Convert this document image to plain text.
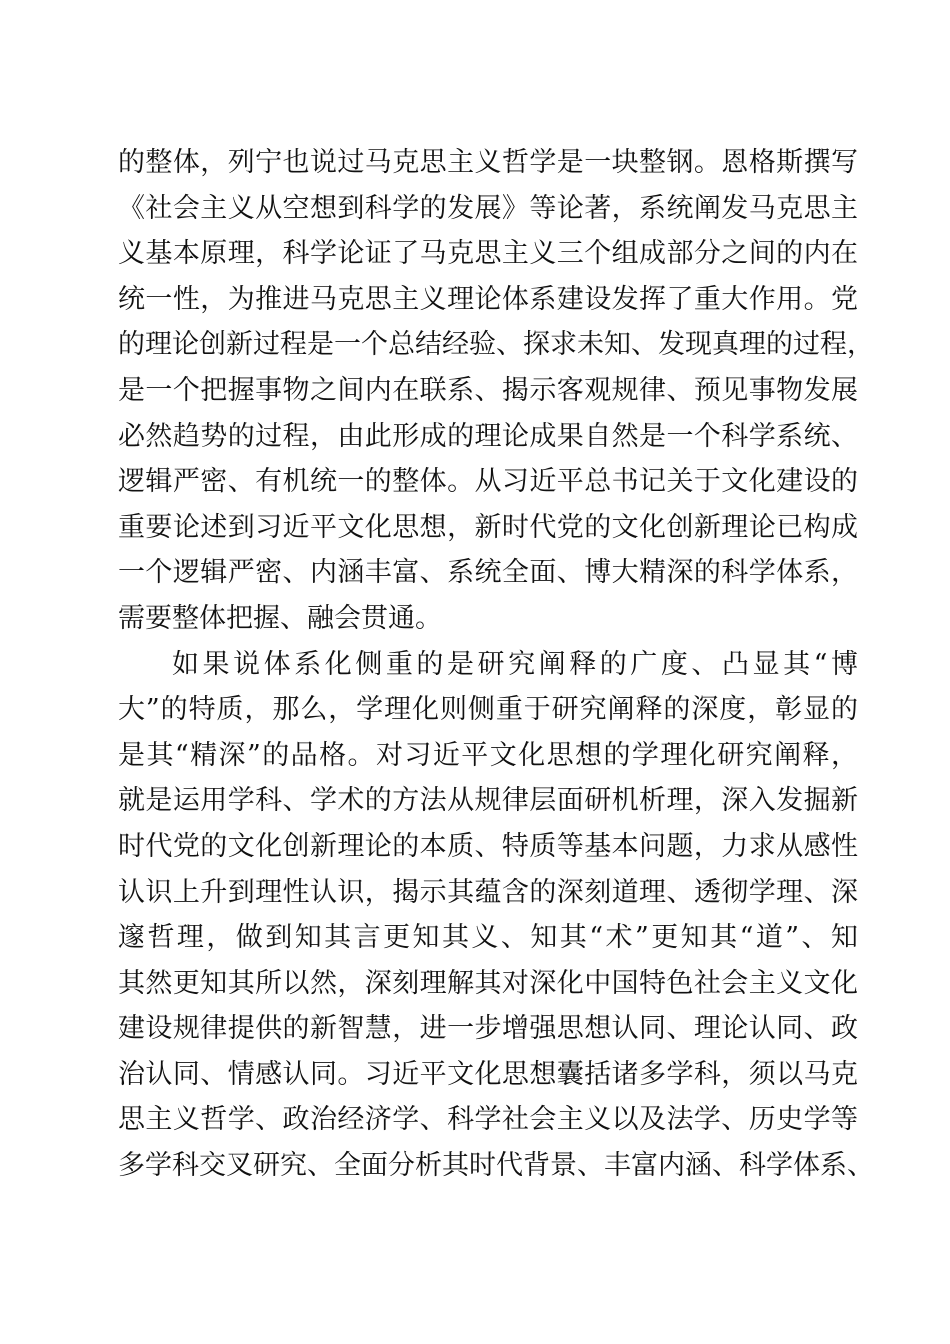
的整体，列宁也说过马克思主义哲学是一块整钢。恩格斯撰写
《社会主义从空想到科学的发展》等论著，系统阐发马克思主
义基本原理，科学论证了马克思主义三个组成部分之间的内在
统一性，为推进马克思主义理论体系建设发挥了重大作用。党
的理论创新过程是一个总结经验、探求未知、发现真理的过程，
是一个把握事物之间内在联系、揭示客观规律、预见事物发展
必然趋势的过程，由此形成的理论成果自然是一个科学系统、
逻辑严密、有机统一的整体。从习近平总书记关于文化建设的
重要论述到习近平文化思想，新时代党的文化创新理论已构成
一个逻辑严密、内涵丰富、系统全面、博大精深的科学体系，
需要整体把握、融会贯通。
如果说体系化侧重的是研究阐释的广度、凸显其“博
大”的特质，那么，学理化则侧重于研究阐释的深度，彰显的
是其“精深”的品格。对习近平文化思想的学理化研究阐释，
就是运用学科、学术的方法从规律层面研机析理，深入发掘新
时代党的文化创新理论的本质、特质等基本问题，力求从感性
认识上升到理性认识，揭示其蕴含的深刻道理、透彻学理、深
邃哲理，做到知其言更知其义、知其“术”更知其“道”、知
其然更知其所以然，深刻理解其对深化中国特色社会主义文化
建设规律提供的新智慧，进一步增强思想认同、理论认同、政
治认同、情感认同。习近平文化思想囊括诸多学科，须以马克
思主义哲学、政治经济学、科学社会主义以及法学、历史学等
多学科交叉研究、全面分析其时代背景、丰富内涵、科学体系、
